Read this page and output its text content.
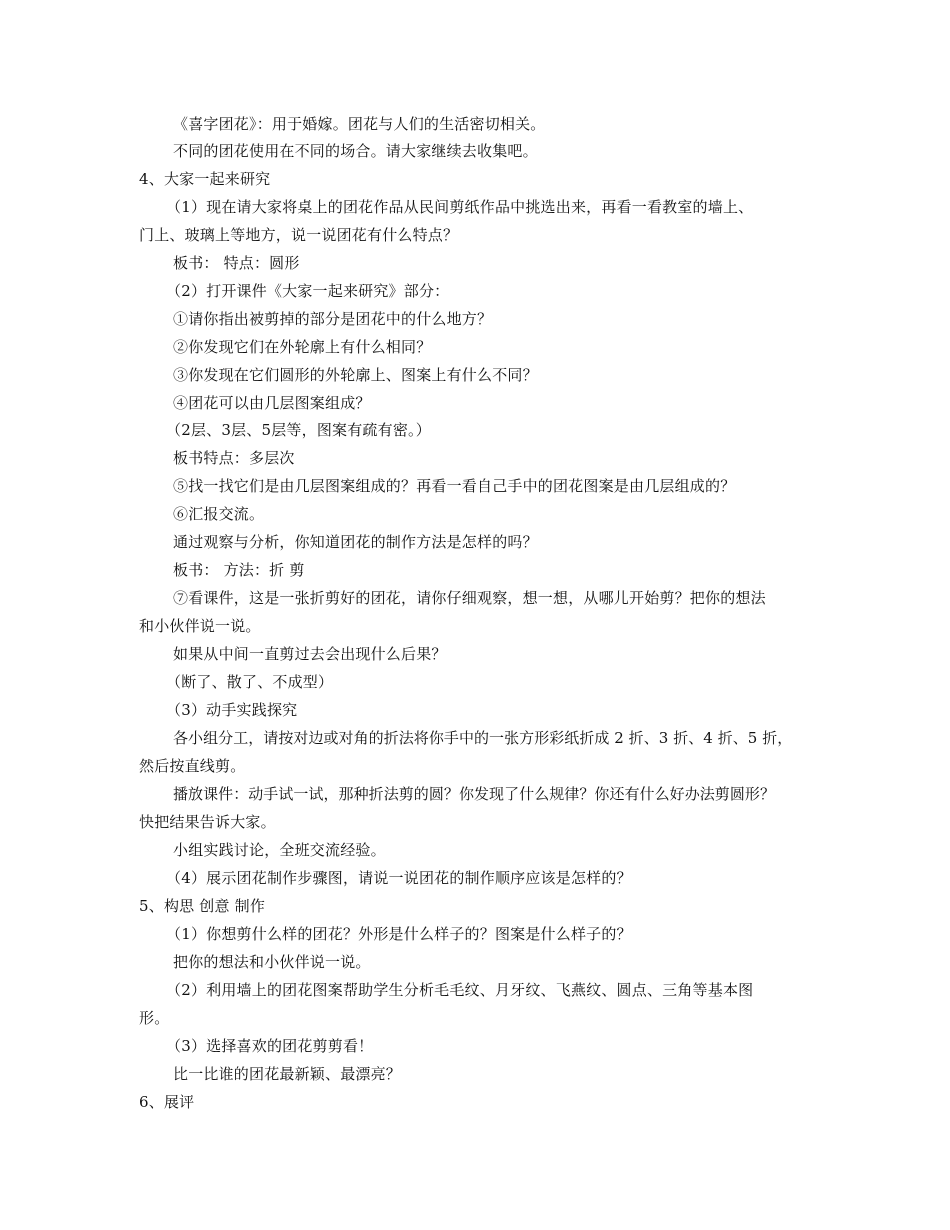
《喜字团花》：用于婚嫁。团花与人们的生活密切相关。
不同的团花使用在不同的场合。请大家继续去收集吧。
4、大家一起来研究
（1）现在请大家将桌上的团花作品从民间剪纸作品中挑选出来，再看一看教室的墙上、
门上、玻璃上等地方，说一说团花有什么特点？
板书： 特点：圆形
（2）打开课件《大家一起来研究》部分：
①请你指出被剪掉的部分是团花中的什么地方？
②你发现它们在外轮廓上有什么相同？
③你发现在它们圆形的外轮廓上、图案上有什么不同？
④团花可以由几层图案组成？
（2层、3层、5层等，图案有疏有密。）
板书特点：多层次
⑤找一找它们是由几层图案组成的？再看一看自己手中的团花图案是由几层组成的？
⑥汇报交流。
通过观察与分析，你知道团花的制作方法是怎样的吗？
板书： 方法：折 剪
⑦看课件，这是一张折剪好的团花，请你仔细观察，想一想，从哪儿开始剪？把你的想法
和小伙伴说一说。
如果从中间一直剪过去会出现什么后果？
（断了、散了、不成型）
（3）动手实践探究
各小组分工，请按对边或对角的折法将你手中的一张方形彩纸折成 2 折、3 折、4 折、5 折，
然后按直线剪。
播放课件：动手试一试，那种折法剪的圆？你发现了什么规律？你还有什么好办法剪圆形？
快把结果告诉大家。
小组实践讨论，全班交流经验。
（4）展示团花制作步骤图，请说一说团花的制作顺序应该是怎样的？
5、构思 创意 制作
（1）你想剪什么样的团花？外形是什么样子的？图案是什么样子的？
把你的想法和小伙伴说一说。
（2）利用墙上的团花图案帮助学生分析毛毛纹、月牙纹、飞燕纹、圆点、三角等基本图
形。
（3）选择喜欢的团花剪剪看！
比一比谁的团花最新颖、最漂亮？
6、展评
